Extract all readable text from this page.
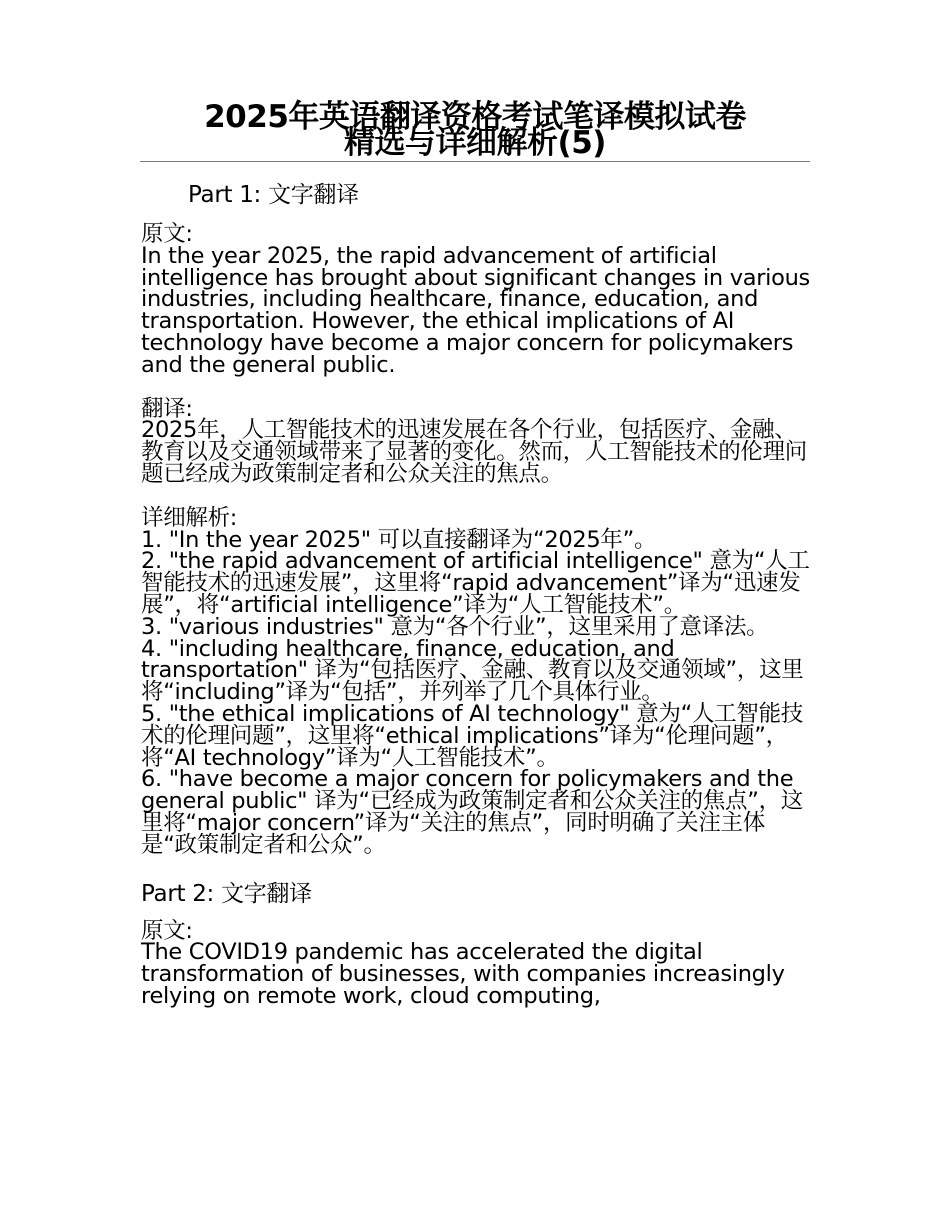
2025年英语翻译资格考试笔译模拟试卷
精选与详细解析(5)
Part 1: 文字翻译
原文:
In the year 2025, the rapid advancement of artificial intelligence has brought about significant changes in various industries, including healthcare, finance, education, and transportation. However, the ethical implications of AI technology have become a major concern for policymakers and the general public.
翻译:
2025年，人工智能技术的迅速发展在各个行业，包括医疗、金融、教育以及交通领域带来了显著的变化。然而，人工智能技术的伦理问题已经成为政策制定者和公众关注的焦点。
详细解析:
1. "In the year 2025" 可以直接翻译为“2025年”。
2. "the rapid advancement of artificial intelligence" 意为“人工智能技术的迅速发展”，这里将“rapid advancement”译为“迅速发展”，将“artificial intelligence”译为“人工智能技术”。
3. "various industries" 意为“各个行业”，这里采用了意译法。
4. "including healthcare, finance, education, and transportation" 译为“包括医疗、金融、教育以及交通领域”，这里将“including”译为“包括”，并列举了几个具体行业。
5. "the ethical implications of AI technology" 意为“人工智能技术的伦理问题”，这里将“ethical implications”译为“伦理问题”，将“AI technology”译为“人工智能技术”。
6. "have become a major concern for policymakers and the general public" 译为“已经成为政策制定者和公众关注的焦点”，这里将“major concern”译为“关注的焦点”，同时明确了关注主体是“政策制定者和公众”。
Part 2: 文字翻译
原文:
The COVID19 pandemic has accelerated the digital transformation of businesses, with companies increasingly relying on remote work, cloud computing,
